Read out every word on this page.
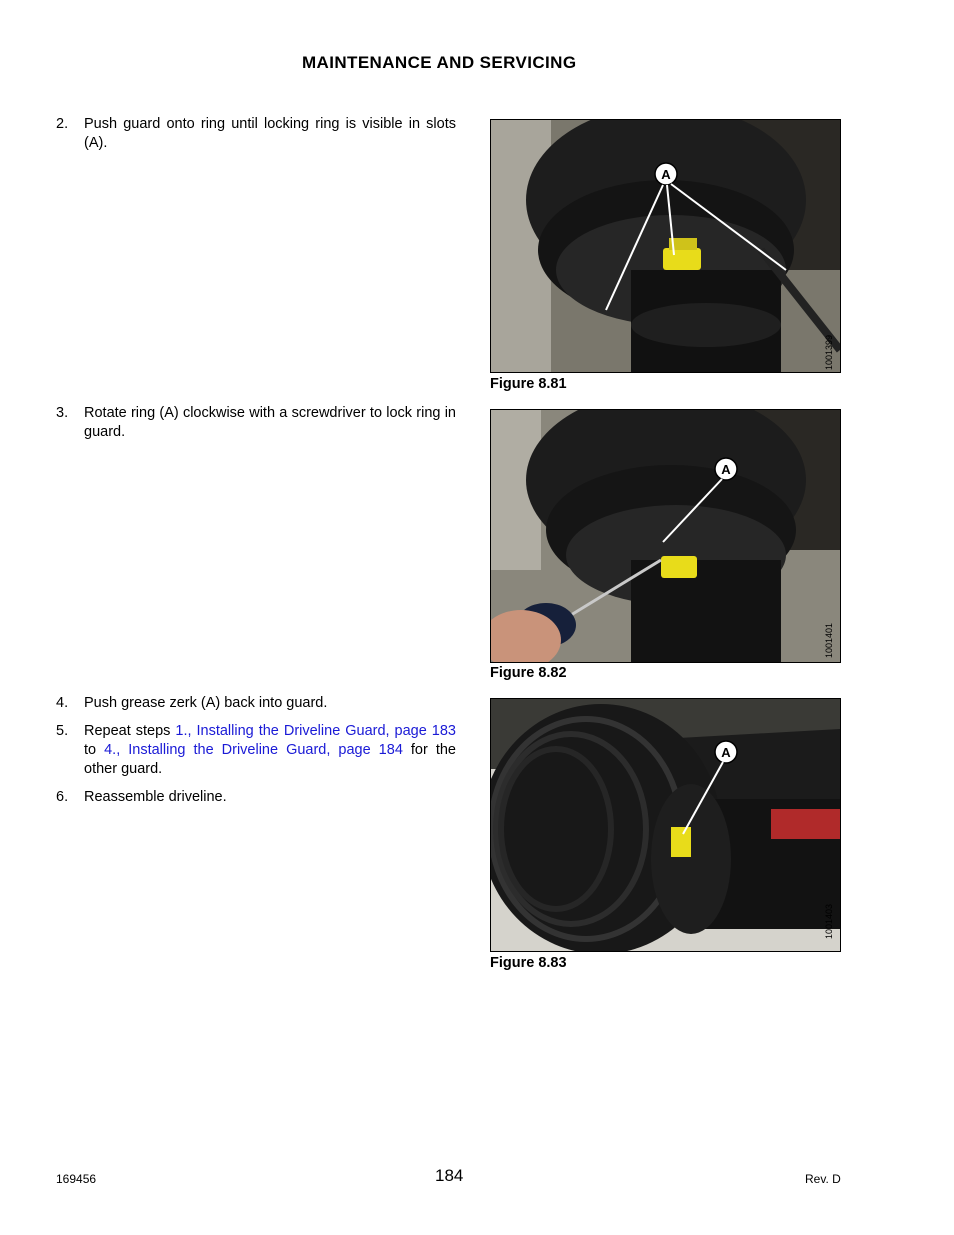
MAINTENANCE AND SERVICING
2. Push guard onto ring until locking ring is visible in slots (A).
A
1001399
Figure 8.81
3. Rotate ring (A) clockwise with a screwdriver to lock ring in guard.
A
1001401
Figure 8.82
4. Push grease zerk (A) back into guard.
5. Repeat steps 1., Installing the Driveline Guard, page 183 to 4., Installing the Driveline Guard, page 184 for the other guard.
6. Reassemble driveline.
A
1001403
Figure 8.83
169456	184	Rev. D
